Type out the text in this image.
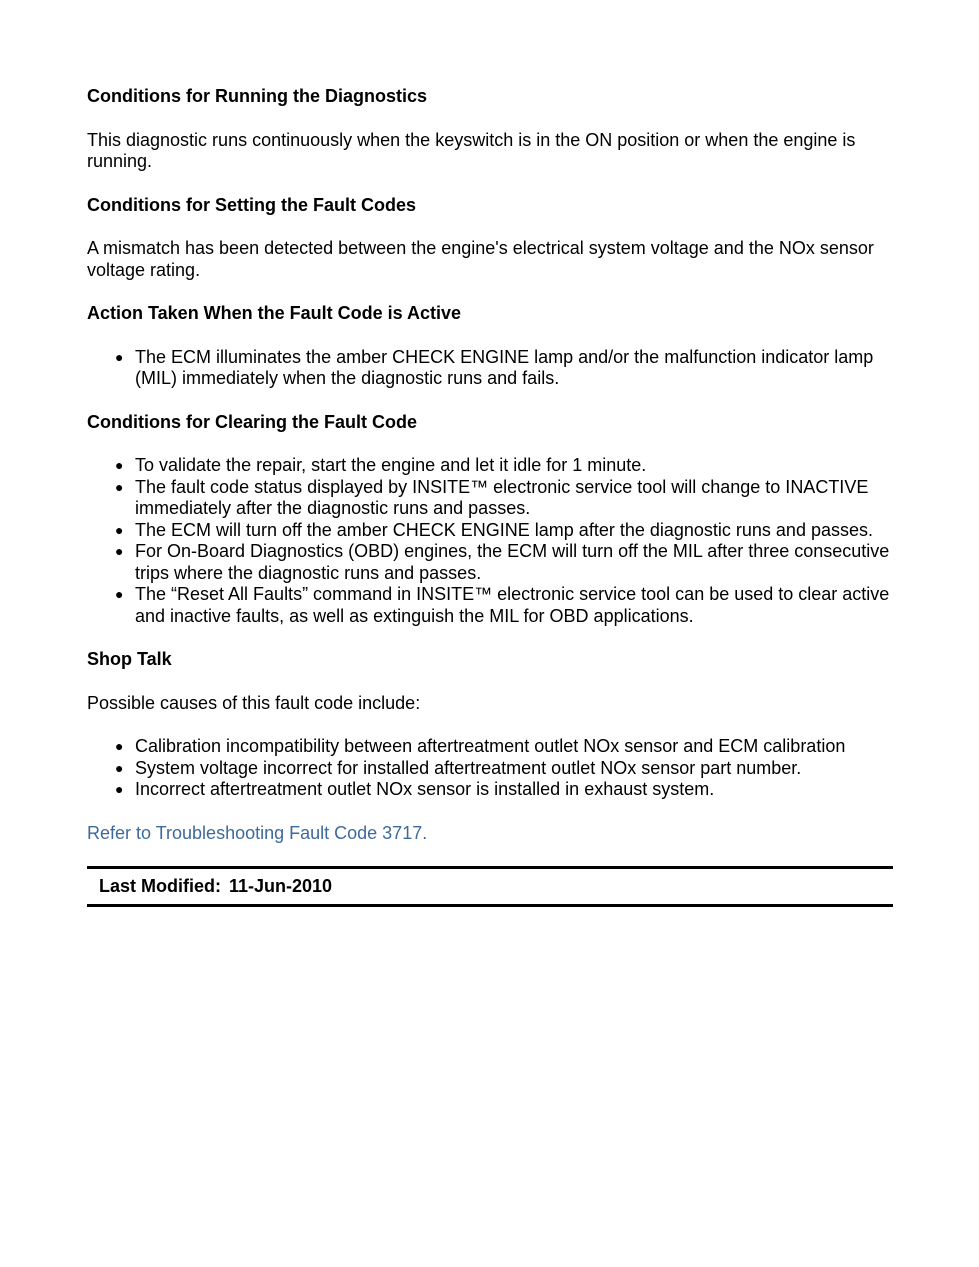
Conditions for Running the Diagnostics
This diagnostic runs continuously when the keyswitch is in the ON position or when the engine is running.
Conditions for Setting the Fault Codes
A mismatch has been detected between the engine's electrical system voltage and the NOx sensor voltage rating.
Action Taken When the Fault Code is Active
● The ECM illuminates the amber CHECK ENGINE lamp and/or the malfunction indicator lamp (MIL) immediately when the diagnostic runs and fails.
Conditions for Clearing the Fault Code
● To validate the repair, start the engine and let it idle for 1 minute.
● The fault code status displayed by INSITE™ electronic service tool will change to INACTIVE immediately after the diagnostic runs and passes.
● The ECM will turn off the amber CHECK ENGINE lamp after the diagnostic runs and passes.
● For On-Board Diagnostics (OBD) engines, the ECM will turn off the MIL after three consecutive trips where the diagnostic runs and passes.
● The “Reset All Faults” command in INSITE™ electronic service tool can be used to clear active and inactive faults, as well as extinguish the MIL for OBD applications.
Shop Talk
Possible causes of this fault code include:
● Calibration incompatibility between aftertreatment outlet NOx sensor and ECM calibration
● System voltage incorrect for installed aftertreatment outlet NOx sensor part number.
● Incorrect aftertreatment outlet NOx sensor is installed in exhaust system.
Refer to Troubleshooting Fault Code 3717.
Last Modified: 11-Jun-2010
